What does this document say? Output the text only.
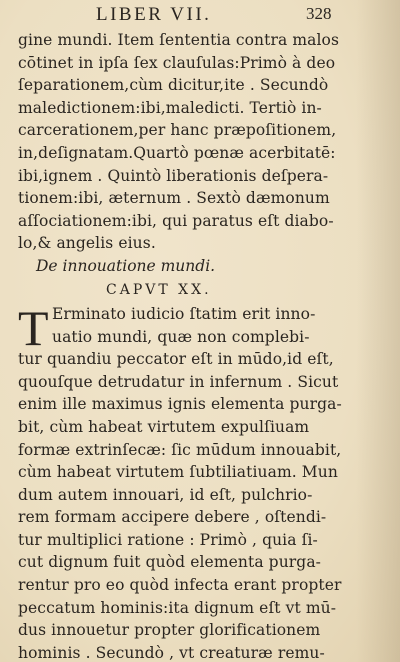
LIBER VII.	328
gine mundi. Item ſententia contra malos
cōtinet in ipſa ſex clauſulas:Primò à deo
ſeparationem,cùm dicitur,ite . Secundò
maledictionem:ibi,maledicti. Tertiò in-
carcerationem,per hanc præpoſitionem,
in,deſignatam.Quartò pœnæ acerbitatē:
ibi,ignem . Quintò liberationis deſpera-
tionem:ibi, æternum . Sextò dæmonum
aſſociationem:ibi, qui paratus eſt diabo-
lo,& angelis eius.
De innouatione mundi.
CAPVT XX.
T Erminato iudicio ſtatim erit inno-
uatio mundi, quæ non complebi-
tur quandiu peccator eſt in mūdo,id eſt,
quouſque detrudatur in infernum . Sicut
enim ille maximus ignis elementa purga-
bit, cùm habeat virtutem expulſiuam
formæ extrinſecæ: ſic mūdum innouabit,
cùm habeat virtutem ſubtiliatiuam. Mun
dum autem innouari, id eſt, pulchrio-
rem formam accipere debere , oſtendi-
tur multiplici ratione : Primò , quia ſi-
cut dignum fuit quòd elementa purga-
rentur pro eo quòd infecta erant propter
peccatum hominis:ita dignum eſt vt mū-
dus innouetur propter glorificationem
hominis . Secundò , vt creaturæ remu-
